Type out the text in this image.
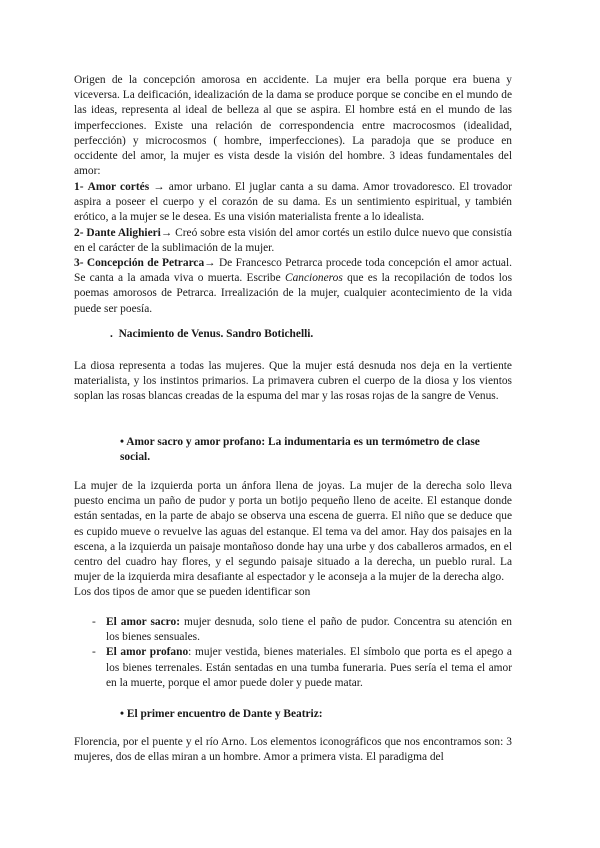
Origen de la concepción amorosa en accidente. La mujer era bella porque era buena y viceversa. La deificación, idealización de la dama se produce porque se concibe en el mundo de las ideas, representa al ideal de belleza al que se aspira. El hombre está en el mundo de las imperfecciones. Existe una relación de correspondencia entre macrocosmos (idealidad, perfección) y microcosmos ( hombre, imperfecciones). La paradoja que se produce en occidente del amor, la mujer es vista desde la visión del hombre. 3 ideas fundamentales del amor:

1- Amor cortés → amor urbano. El juglar canta a su dama. Amor trovadoresco. El trovador aspira a poseer el cuerpo y el corazón de su dama. Es un sentimiento espiritual, y también erótico, a la mujer se le desea. Es una visión materialista frente a lo idealista.

2- Dante Alighieri→ Creó sobre esta visión del amor cortés un estilo dulce nuevo que consistía en el carácter de la sublimación de la mujer.

3- Concepción de Petrarca→ De Francesco Petrarca procede toda concepción el amor actual. Se canta a la amada viva o muerta. Escribe Cancioneros que es la recopilación de todos los poemas amorosos de Petrarca. Irrealización de la mujer, cualquier acontecimiento de la vida puede ser poesía.

. Nacimiento de Venus. Sandro Botichelli.

La diosa representa a todas las mujeres. Que la mujer está desnuda nos deja en la vertiente materialista, y los instintos primarios. La primavera cubren el cuerpo de la diosa y los vientos soplan las rosas blancas creadas de la espuma del mar y las rosas rojas de la sangre de Venus.

• Amor sacro y amor profano: La indumentaria es un termómetro de clase social.

La mujer de la izquierda porta un ánfora llena de joyas. La mujer de la derecha solo lleva puesto encima un paño de pudor y porta un botijo pequeño lleno de aceite. El estanque donde están sentadas, en la parte de abajo se observa una escena de guerra. El niño que se deduce que es cupido mueve o revuelve las aguas del estanque. El tema va del amor. Hay dos paisajes en la escena, a la izquierda un paisaje montañoso donde hay una urbe y dos caballeros armados, en el centro del cuadro hay flores, y el segundo paisaje situado a la derecha, un pueblo rural. La mujer de la izquierda mira desafiante al espectador y le aconseja a la mujer de la derecha algo.

Los dos tipos de amor que se pueden identificar son

- El amor sacro: mujer desnuda, solo tiene el paño de pudor. Concentra su atención en los bienes sensuales.

- El amor profano: mujer vestida, bienes materiales. El símbolo que porta es el apego a los bienes terrenales. Están sentadas en una tumba funeraria. Pues sería el tema el amor en la muerte, porque el amor puede doler y puede matar.

• El primer encuentro de Dante y Beatriz:

Florencia, por el puente y el río Arno. Los elementos iconográficos que nos encontramos son: 3 mujeres, dos de ellas miran a un hombre. Amor a primera vista. El paradigma del
